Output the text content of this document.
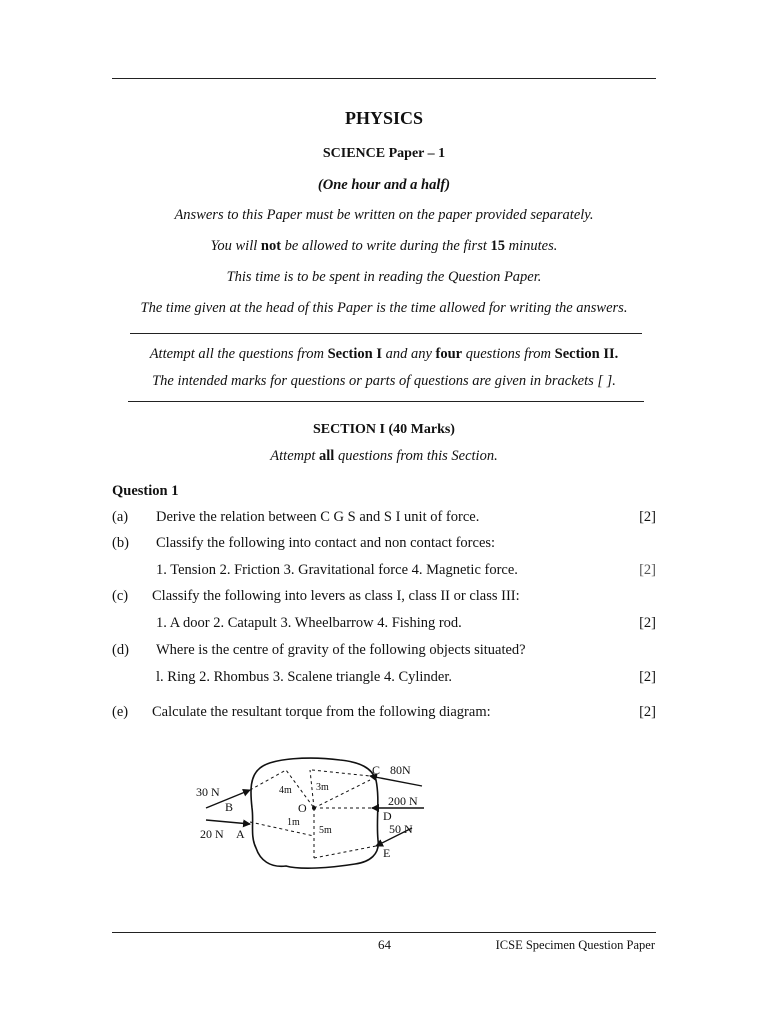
PHYSICS
SCIENCE Paper – 1
(One hour and a half)
Answers to this Paper must be written on the paper provided separately.
You will not be allowed to write during the first 15 minutes.
This time is to be spent in reading the Question Paper.
The time given at the head of this Paper is the time allowed for writing the answers.
Attempt all the questions from Section I and any four questions from Section II.
The intended marks for questions or parts of questions are given in brackets [ ].
SECTION I (40 Marks)
Attempt all questions from this Section.
Question 1
(a) Derive the relation between C G S and S I unit of force.	[2]
(b) Classify the following into contact and non contact forces:
1. Tension 2. Friction 3. Gravitational force 4. Magnetic force.	[2]
(c) Classify the following into levers as class I, class II or class III:
1. A door 2. Catapult 3. Wheelbarrow 4. Fishing rod.	[2]
(d) Where is the centre of gravity of the following objects situated?
l. Ring 2. Rhombus 3. Scalene triangle 4. Cylinder.	[2]
(e) Calculate the resultant torque from the following diagram:	[2]
30 N
B
20 N A
C 80N
200 N
D
50 N
E
O
4m 3m
1m
5m
64	ICSE Specimen Question Paper
